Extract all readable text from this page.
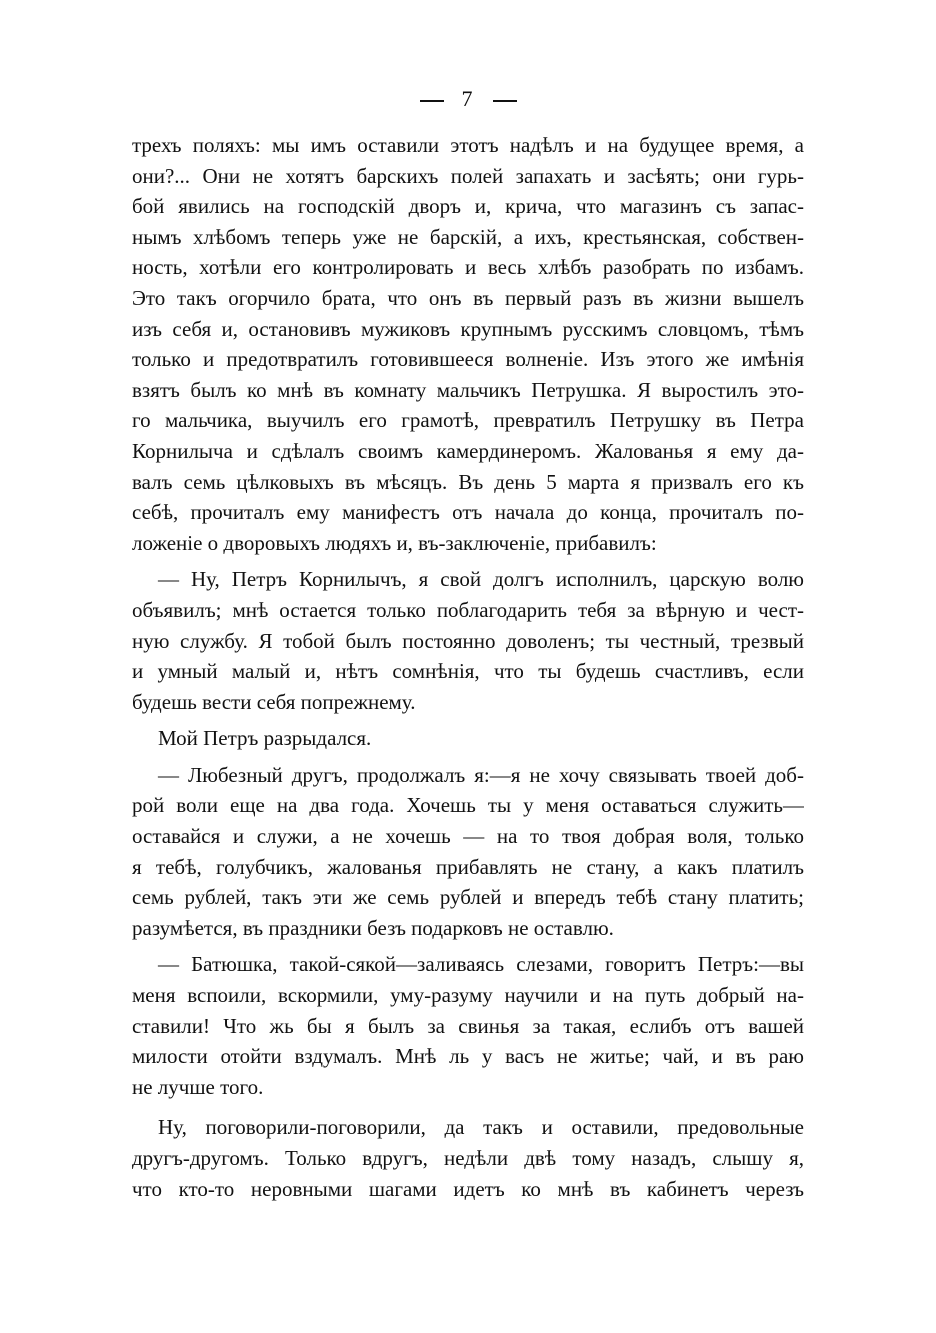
7
трехъ поляхъ: мы имъ оставили этотъ надѣлъ и на будущее время, а
они?... Они не хотятъ барскихъ полей запахать и засѣять; они гурь-
бой явились на господскій дворъ и, крича, что магазинъ съ запас-
нымъ хлѣбомъ теперь уже не барскій, а ихъ, крестьянская, собствен-
ность, хотѣли его контролировать и весь хлѣбъ разобрать по избамъ.
Это такъ огорчило брата, что онъ въ первый разъ въ жизни вышелъ
изъ себя и, остановивъ мужиковъ крупнымъ русскимъ словцомъ, тѣмъ
только и предотвратилъ готовившееся волненіе. Изъ этого же имѣнія
взятъ былъ ко мнѣ въ комнату мальчикъ Петрушка. Я выростилъ это-
го мальчика, выучилъ его грамотѣ, превратилъ Петрушку въ Петра
Корнилыча и сдѣлалъ своимъ камердинеромъ. Жалованья я ему да-
валъ семь цѣлковыхъ въ мѣсяцъ. Въ день 5 марта я призвалъ его къ
себѣ, прочиталъ ему манифестъ отъ начала до конца, прочиталъ по-
ложеніе о дворовыхъ людяхъ и, въ-заключеніе, прибавилъ:
— Ну, Петръ Корнилычъ, я свой долгъ исполнилъ, царскую волю
объявилъ; мнѣ остается только поблагодарить тебя за вѣрную и чест-
ную службу. Я тобой былъ постоянно доволенъ; ты честный, трезвый
и умный малый и, нѣтъ сомнѣнія, что ты будешь счастливъ, если
будешь вести себя попрежнему.
Мой Петръ разрыдался.
— Любезный другъ, продолжалъ я:—я не хочу связывать твоей доб-
рой воли еще на два года. Хочешь ты у меня оставаться служить—
оставайся и служи, а не хочешь — на то твоя добрая воля, только
я тебѣ, голубчикъ, жалованья прибавлять не стану, а какъ платилъ
семь рублей, такъ эти же семь рублей и впередъ тебѣ стану платить;
разумѣется, въ праздники безъ подарковъ не оставлю.
— Батюшка, такой-сякой—заливаясь слезами, говоритъ Петръ:—вы
меня вспоили, вскормили, уму-разуму научили и на путь добрый на-
ставили! Что жь бы я былъ за свинья за такая, еслибъ отъ вашей
милости отойти вздумалъ. Мнѣ ль у васъ не житье; чай, и въ раю
не лучше того.
Ну, поговорили-поговорили, да такъ и оставили, предовольные
другъ-другомъ. Только вдругъ, недѣли двѣ тому назадъ, слышу я,
что кто-то неровными шагами идетъ ко мнѣ въ кабинетъ черезъ
